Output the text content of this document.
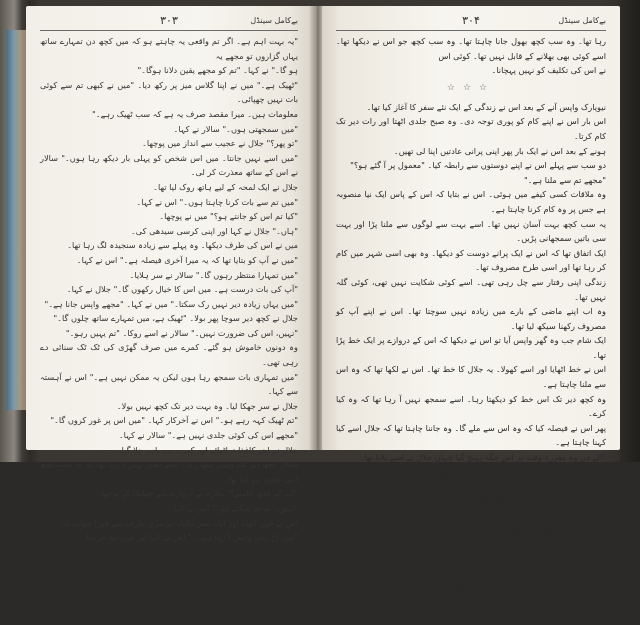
۳۰۳	بےکامل سینڈل

"یہ بہت اہم ہے۔ اگر تم واقعی یہ چاہتے ہو کہ میں کچھ دن تمہارے ساتھ یہاں گزاروں تو مجھے یہ

ہو گا۔" نے کہا۔ "تم کو مجھے یقین دلانا ہوگا۔"

"ٹھیک ہے۔" میں نے اپنا گلاس میز پر رکھ دیا۔ "میں نے کبھی تم سے کوئی بات نہیں چھپائی۔

معلومات ہیں۔ میرا مقصد صرف یہ ہے کہ سب ٹھیک رہے۔"

"میں سمجھتی ہوں۔" سالار نے کہا۔

"تو پھر؟" جلال نے عجیب سے انداز میں پوچھا۔

"میں اسے نہیں جانتا۔ میں اس شخص کو پہلی بار دیکھ رہا ہوں۔" سالار نے اس کے ساتھ معذرت کر لی۔

جلال نے ایک لمحہ کے لیے ہاتھ روک لیا تھا۔

"میں تم سے بات کرنا چاہتا ہوں۔" اس نے کہا۔

"کیا تم اس کو جانتے ہو؟" میں نے پوچھا۔

"ہاں۔" جلال نے کہا اور اپنی کرسی سیدھی کی۔

میں نے اس کی طرف دیکھا۔ وہ پہلے سے زیادہ سنجیدہ لگ رہا تھا۔

"میں نے آپ کو بتایا تھا کہ یہ میرا آخری فیصلہ ہے۔" اس نے کہا۔

"میں تمہارا منتظر رہوں گا۔" سالار نے سر ہلایا۔

"آپ کی بات درست ہے۔ میں اس کا خیال رکھوں گا۔" جلال نے کہا۔

"میں یہاں زیادہ دیر نہیں رک سکتا۔" میں نے کہا۔ "مجھے واپس جانا ہے۔"

جلال نے کچھ دیر سوچا پھر بولا۔ "ٹھیک ہے، میں تمہارے ساتھ چلوں گا۔"

"نہیں، اس کی ضرورت نہیں۔" سالار نے اسے روکا۔ "تم یہیں رہو۔"

وہ دونوں خاموش ہو گئے۔ کمرے میں صرف گھڑی کی ٹک ٹک سنائی دے رہی تھی۔

"میں تمہاری بات سمجھ رہا ہوں لیکن یہ ممکن نہیں ہے۔" اس نے آہستہ سے کہا۔

جلال نے سر جھکا لیا۔ وہ بہت دیر تک کچھ نہیں بولا۔

"تم ٹھیک کہہ رہے ہو۔" اس نے آخرکار کہا۔ "میں اس پر غور کروں گا۔"

"مجھے اس کی کوئی جلدی نہیں ہے۔" سالار نے کہا۔

جلال نے اپنے کاغذات اٹھائے اور کمرے سے باہر چلا گیا۔

سالار کچھ دیر تک وہیں بیٹھا رہا۔ اسے یقین نہیں آ رہا تھا کہ یہ سب کچھ اتنی جلدی ہو گیا تھا۔

"آپ کو کچھ چاہیے؟" ملازم نے دروازے سے جھانک کر پوچھا۔

"نہیں۔ تم جا سکتے ہو۔" اس نے کہا۔

اس نے فون اٹھایا اور ایک نمبر ملایا۔ دوسری طرف سے فوراً جواب آیا۔

"میں آج رات واپس آ رہا ہوں۔" اس نے کہا اور فون بند کر دیا۔

۳۰۴	بےکامل سینڈل

رہا تھا۔ وہ سب کچھ بھول جانا چاہتا تھا۔ وہ سب کچھ جو اس نے دیکھا تھا۔ اسے کوئی بھی بھلانے کے قابل نہیں تھا۔ کوئی اس

نے اس کی تکلیف کو نہیں پہچانا۔

☆☆☆

نیویارک واپس آنے کے بعد اس نے زندگی کے ایک نئے سفر کا آغاز کیا تھا۔

اس بار اس نے اپنے کام کو پوری توجہ دی۔ وہ صبح جلدی اٹھتا اور رات دیر تک کام کرتا۔

ہونے کے بعد اس نے ایک بار پھر اپنی پرانی عادتیں اپنا لی تھیں۔

دو سب سے پہلے اس نے اپنے دوستوں سے رابطہ کیا۔ "معمول پر آ گئے ہو؟"

"مجھے تم سے ملنا ہے۔"

وہ ملاقات کسی کیفے میں ہوئی۔ اس نے بتایا کہ اس کے پاس ایک نیا منصوبہ ہے جس پر وہ کام کرنا چاہتا ہے۔

یہ سب کچھ بہت آسان نہیں تھا۔ اسے بہت سے لوگوں سے ملنا پڑا اور بہت سی باتیں سمجھانی پڑیں۔

ایک اتفاق تھا کہ اس نے ایک پرانے دوست کو دیکھا۔ وہ بھی اسی شہر میں کام کر رہا تھا اور اسی طرح مصروف تھا۔

زندگی اپنی رفتار سے چل رہی تھی۔ اسے کوئی شکایت نہیں تھی، کوئی گلہ نہیں تھا۔

وہ اب اپنے ماضی کے بارے میں زیادہ نہیں سوچتا تھا۔ اس نے اپنے آپ کو مصروف رکھنا سیکھ لیا تھا۔

ایک شام جب وہ گھر واپس آیا تو اس نے دیکھا کہ اس کے دروازے پر ایک خط پڑا تھا۔

اس نے خط اٹھایا اور اسے کھولا۔ یہ جلال کا خط تھا۔ اس نے لکھا تھا کہ وہ اس سے ملنا چاہتا ہے۔

وہ کچھ دیر تک اس خط کو دیکھتا رہا۔ اسے سمجھ نہیں آ رہا تھا کہ وہ کیا کرے۔

پھر اس نے فیصلہ کیا کہ وہ اس سے ملے گا۔ وہ جاننا چاہتا تھا کہ جلال اسے کیا کہنا چاہتا ہے۔

اگلے دن وہ مقررہ وقت پر اس جگہ پہنچ گیا جہاں جلال نے اسے بلایا تھا۔

جلال پہلے سے وہاں موجود تھا۔ اس نے اسے دیکھ کر ہاتھ ہلایا اور مسکرایا۔

"تم آ گئے۔" اس نے کہا۔ "مجھے یقین نہیں تھا کہ تم آؤ گے۔"

سالار نے کچھ نہیں کہا۔ وہ خاموشی سے اس کے سامنے والی کرسی پر بیٹھ گیا۔

جلال نے اس کی طرف دیکھا اور کہا، "میں تم سے معافی مانگنا چاہتا ہوں۔"

"کس بات کی معافی؟" سالار نے پوچھا۔

"سب کچھ کی۔" جلال نے کہا۔ "میں نے تمہارے ساتھ اچھا نہیں کیا۔"

سالار نے سر ہلایا۔ "اب اس کا کوئی فائدہ نہیں۔"

"ہاں، میں جانتا ہوں۔" جلال نے کہا۔ "لیکن پھر بھی میں چاہتا تھا کہ تم جان لو۔"

"یہ بات ٹھیک ہے۔"
